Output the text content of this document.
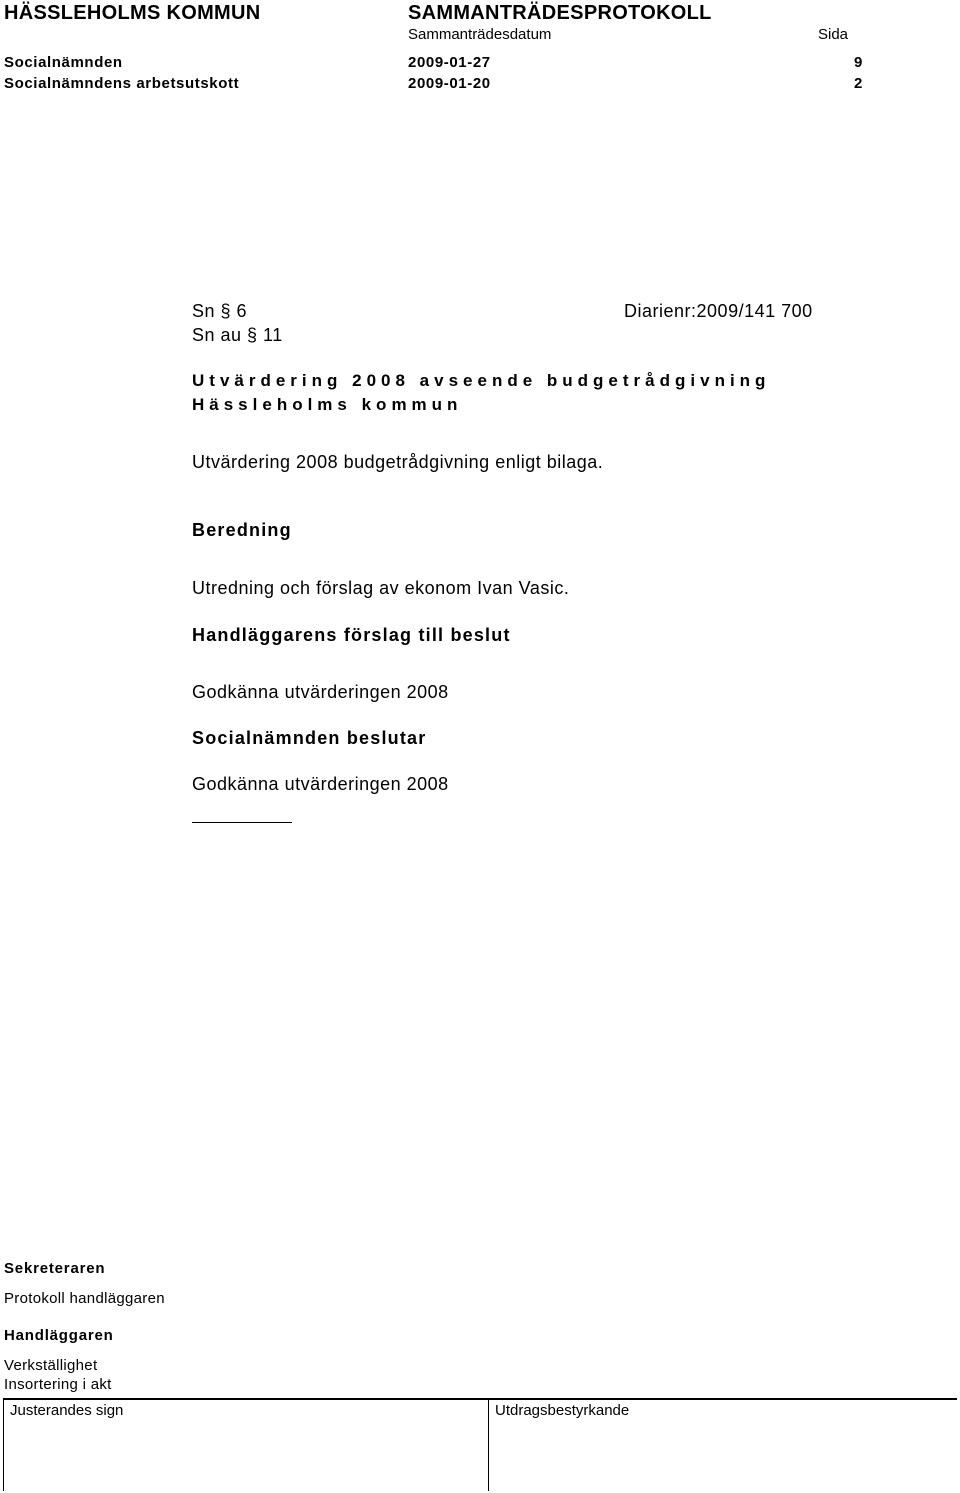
HÄSSLEHOLMS KOMMUN	SAMMANTRÄDESPROTOKOLL
Sammanträdesdatum	Sida
Socialnämnden	2009-01-27	9
Socialnämndens arbetsutskott	2009-01-20	2
Sn § 6	Diarienr:2009/141 700
Sn au § 11
Utvärdering 2008 avseende budgetrådgivning
Hässleholms kommun
Utvärdering 2008 budgetrådgivning enligt bilaga.
Beredning
Utredning och förslag av ekonom Ivan Vasic.
Handläggarens förslag till beslut
Godkänna utvärderingen 2008
Socialnämnden beslutar
Godkänna utvärderingen 2008
Sekreteraren
Protokoll handläggaren
Handläggaren
Verkställighet
Insortering i akt
Justerandes sign	Utdragsbestyrkande
